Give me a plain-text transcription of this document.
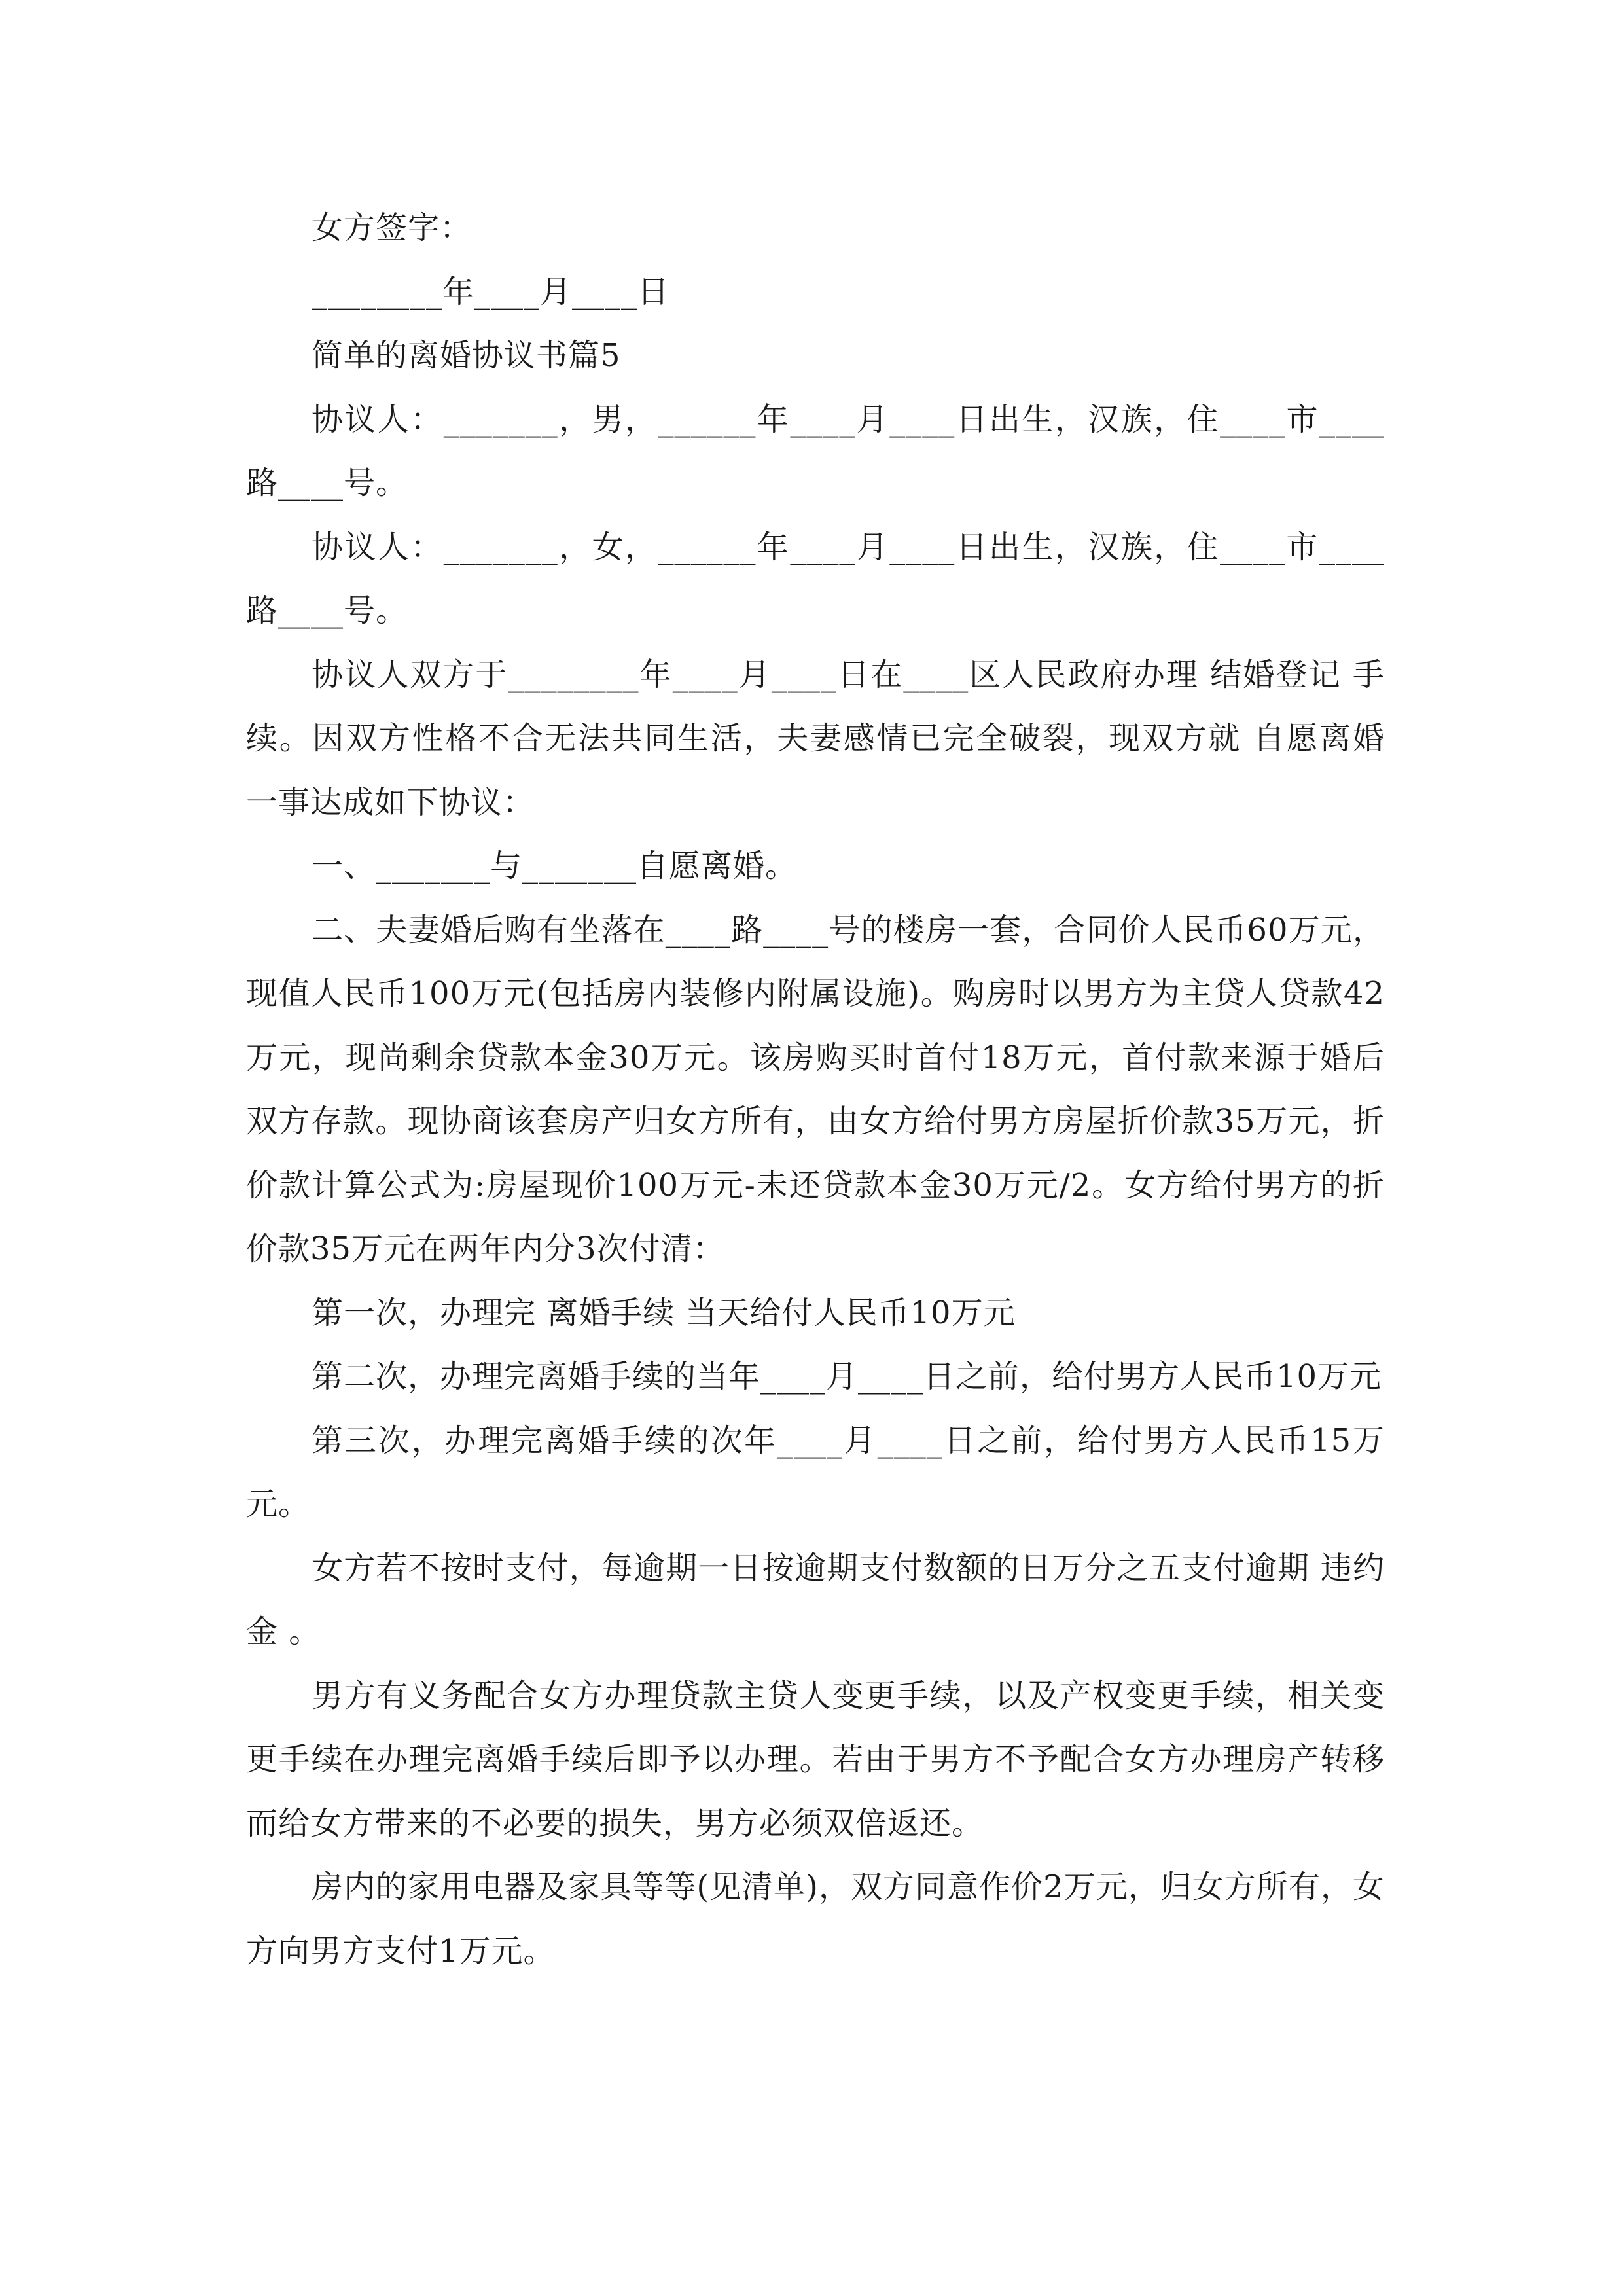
女方签字：

________年____月____日

简单的离婚协议书篇5

协议人：_______，男，______年____月____日出生，汉族，住____市____路____号。

协议人：_______，女，______年____月____日出生，汉族，住____市____路____号。

协议人双方于________年____月____日在____区人民政府办理 结婚登记 手续。因双方性格不合无法共同生活，夫妻感情已完全破裂，现双方就 自愿离婚 一事达成如下协议：

一、_______与_______自愿离婚。

二、夫妻婚后购有坐落在____路____号的楼房一套，合同价人民币60万元，现值人民币100万元(包括房内装修内附属设施)。购房时以男方为主贷人贷款42万元，现尚剩余贷款本金30万元。该房购买时首付18万元，首付款来源于婚后双方存款。现协商该套房产归女方所有，由女方给付男方房屋折价款35万元，折价款计算公式为:房屋现价100万元-未还贷款本金30万元/2。女方给付男方的折价款35万元在两年内分3次付清：

第一次，办理完 离婚手续 当天给付人民币10万元

第二次，办理完离婚手续的当年____月____日之前，给付男方人民币10万元

第三次，办理完离婚手续的次年____月____日之前，给付男方人民币15万元。

女方若不按时支付，每逾期一日按逾期支付数额的日万分之五支付逾期 违约金 。

男方有义务配合女方办理贷款主贷人变更手续，以及产权变更手续，相关变更手续在办理完离婚手续后即予以办理。若由于男方不予配合女方办理房产转移而给女方带来的不必要的损失，男方必须双倍返还。

房内的家用电器及家具等等(见清单)，双方同意作价2万元，归女方所有，女方向男方支付1万元。
